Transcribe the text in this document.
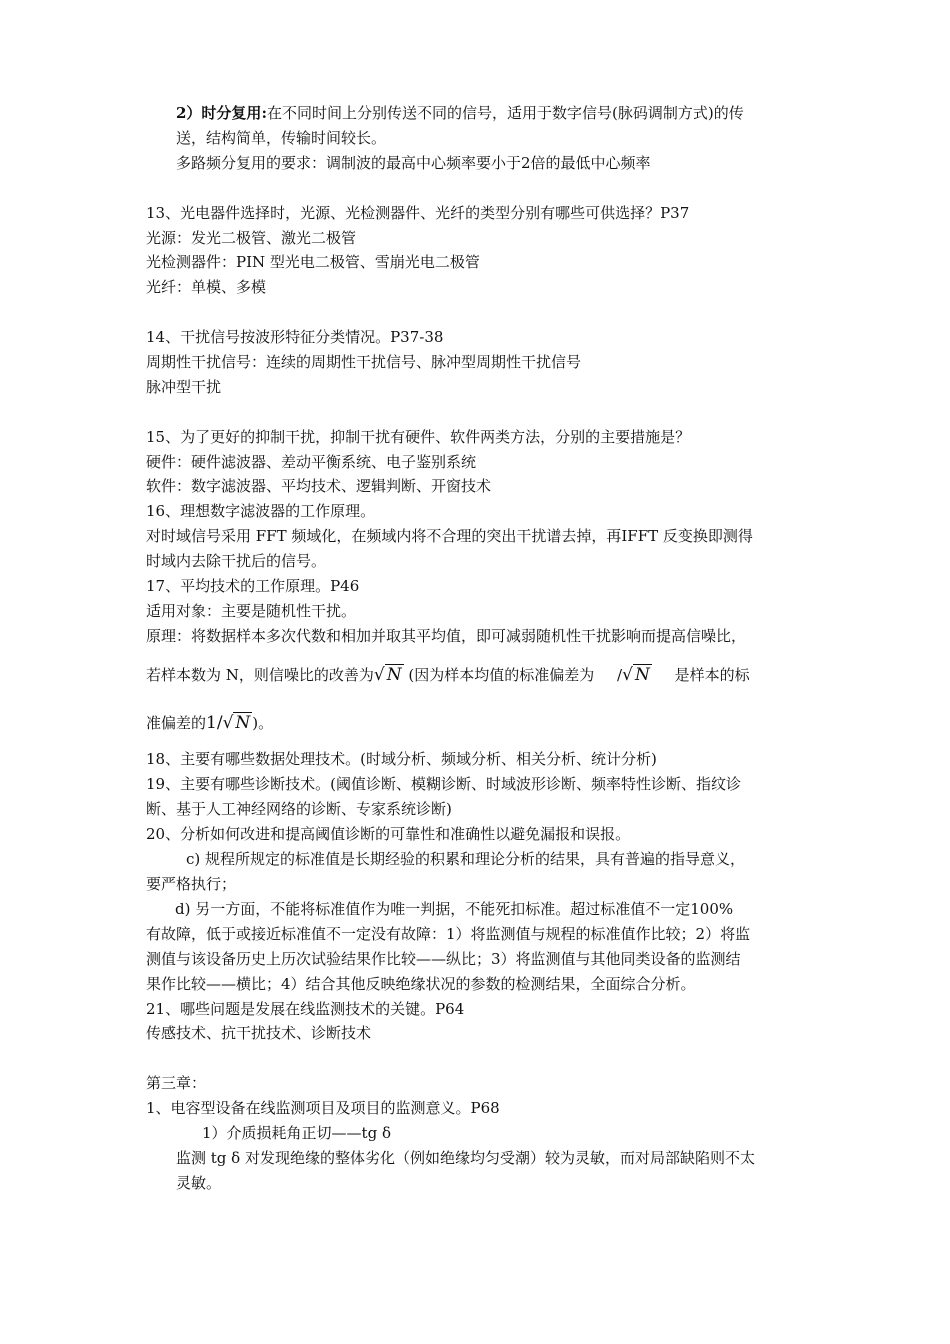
2）时分复用:在不同时间上分别传送不同的信号，适用于数字信号(脉码调制方式)的传
送，结构简单，传输时间较长。
多路频分复用的要求：调制波的最高中心频率要小于2倍的最低中心频率
13、光电器件选择时，光源、光检测器件、光纤的类型分别有哪些可供选择？P37
光源：发光二极管、激光二极管
光检测器件：PIN 型光电二极管、雪崩光电二极管
光纤：单模、多模
14、干扰信号按波形特征分类情况。P37-38
周期性干扰信号：连续的周期性干扰信号、脉冲型周期性干扰信号
脉冲型干扰
15、为了更好的抑制干扰，抑制干扰有硬件、软件两类方法，分别的主要措施是？
硬件：硬件滤波器、差动平衡系统、电子鉴别系统
软件：数字滤波器、平均技术、逻辑判断、开窗技术
16、理想数字滤波器的工作原理。
对时域信号采用 FFT 频域化，在频域内将不合理的突出干扰谱去掉，再IFFT 反变换即测得
时域内去除干扰后的信号。
17、平均技术的工作原理。P46
适用对象：主要是随机性干扰。
原理：将数据样本多次代数和相加并取其平均值，即可减弱随机性干扰影响而提高信噪比，
若样本数为 N，则信噪比的改善为√ N (因为样本均值的标准偏差为 /√ N 是样本的标
准偏差的1/√ N )。
18、主要有哪些数据处理技术。(时域分析、频域分析、相关分析、统计分析)
19、主要有哪些诊断技术。(阈值诊断、模糊诊断、时域波形诊断、频率特性诊断、指纹诊
断、基于人工神经网络的诊断、专家系统诊断)
20、分析如何改进和提高阈值诊断的可靠性和准确性以避免漏报和误报。
c) 规程所规定的标准值是长期经验的积累和理论分析的结果，具有普遍的指导意义，
要严格执行；
d) 另一方面，不能将标准值作为唯一判据，不能死扣标准。超过标准值不一定100%
有故障，低于或接近标准值不一定没有故障：1）将监测值与规程的标准值作比较；2）将监
测值与该设备历史上历次试验结果作比较——纵比；3）将监测值与其他同类设备的监测结
果作比较——横比；4）结合其他反映绝缘状况的参数的检测结果，全面综合分析。
21、哪些问题是发展在线监测技术的关键。P64
传感技术、抗干扰技术、诊断技术
第三章：
1、电容型设备在线监测项目及项目的监测意义。P68
1）介质损耗角正切——tg δ
监测 tg δ 对发现绝缘的整体劣化（例如绝缘均匀受潮）较为灵敏，而对局部缺陷则不太
灵敏。
